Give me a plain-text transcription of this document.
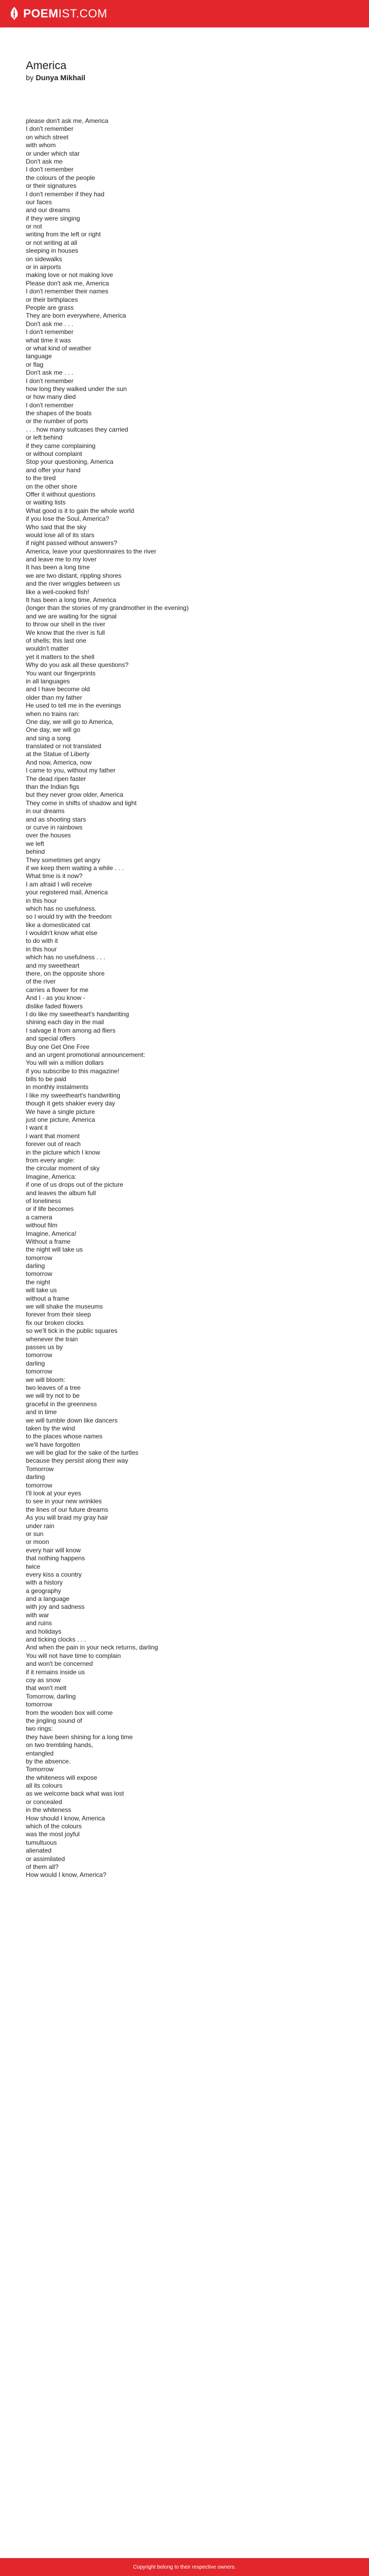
POEMIST.COM
America

by Dunya Mikhail

please don't ask me, America
I don't remember
on which street
with whom
or under which star
Don't ask me
I don't remember
the colours of the people
or their signatures
I don't remember if they had
our faces
and our dreams
if they were singing
or not
writing from the left or right
or not writing at all
sleeping in houses
on sidewalks
or in airports
making love or not making love
Please don't ask me, America
I don't remember their names
or their birthplaces
People are grass
They are born everywhere, America
Don't ask me . . .
I don't remember
what time it was
or what kind of weather
language
or flag
Don't ask me . . .
I don't remember
how long they walked under the sun
or how many died
I don't remember
the shapes of the boats
or the number of ports
. . . how many suitcases they carried
or left behind
if they came complaining
or without complaint
Stop your questioning, America
and offer your hand
to the tired
on the other shore
Offer it without questions
or waiting lists
What good is it to gain the whole world
if you lose the Soul, America?
Who said that the sky
would lose all of its stars
if night passed without answers?
America, leave your questionnaires to the river
and leave me to my lover
It has been a long time
we are two distant, rippling shores
and the river wriggles between us
like a well-cooked fish!
It has been a long time, America
(longer than the stories of my grandmother in the evening)
and we are waiting for the signal
to throw our shell in the river
We know that the river is full
of shells; this last one
wouldn't matter
yet it matters to the shell
Why do you ask all these questions?
You want our fingerprints
in all languages
and I have become old
older than my father
He used to tell me in the evenings
when no trains ran:
One day, we will go to America,
One day, we will go
and sing a song
translated or not translated
at the Statue of Liberty
And now, America, now
I came to you, without my father
The dead ripen faster
than the Indian figs
but they never grow older, America
They come in shifts of shadow and light
in our dreams
and as shooting stars
or curve in rainbows
over the houses
we left
behind
They sometimes get angry
if we keep them waiting a while . . .
What time is it now?
I am afraid I will receive
your registered mail, America
in this hour
which has no usefulness.
so I would try with the freedom
like a domesticated cat
I wouldn't know what else
to do with it
in this hour
which has no usefulness . . .
and my sweetheart
there, on the opposite shore
of the river
carries a flower for me
And I - as you know -
dislike faded flowers
I do like my sweetheart's handwriting
shining each day in the mail
I salvage it from among ad fliers
and special offers
Buy one Get One Free
and an urgent promotional announcement:
You will win a million dollars
if you subscribe to this magazine!
bills to be paid
in monthly instalments
I like my sweetheart's handwriting
though it gets shakier every day
We have a single picture
just one picture, America
I want it
I want that moment
forever out of reach
in the picture which I know
from every angle:
the circular moment of sky
Imagine, America:
if one of us drops out of the picture
and leaves the album full
of loneliness
or if life becomes
a camera
without film
Imagine, America!
Without a frame
the night will take us
tomorrow
darling
tomorrow
the night
will take us
without a frame
we will shake the museums
forever from their sleep
fix our broken clocks
so we'll tick in the public squares
whenever the train
passes us by
tomorrow
darling
tomorrow
we will bloom:
two leaves of a tree
we will try not to be
graceful in the greenness
and in time
we will tumble down like dancers
taken by the wind
to the places whose names
we'll have forgotten
we will be glad for the sake of the turtles
because they persist along their way
Tomorrow
darling
tomorrow
I'll look at your eyes
to see in your new wrinkles
the lines of our future dreams
As you will braid my gray hair
under rain
or sun
or moon
every hair will know
that nothing happens
twice
every kiss a country
with a history
a geography
and a language
with joy and sadness
with war
and ruins
and holidays
and ticking clocks . . .
And when the pain in your neck returns, darling
You will not have time to complain
and won't be concerned
if it remains inside us
coy as snow
that won't melt
Tomorrow, darling
tomorrow
from the wooden box will come
the jingling sound of
two rings:
they have been shining for a long time
on two trembling hands,
entangled
by the absence.
Tomorrow
the whiteness will expose
all its colours
as we welcome back what was lost
or concealed
in the whiteness
How should I know, America
which of the colours
was the most joyful
tumultuous
alienated
or assimilated
of them all?
How would I know, America?
Copyright belong to their respective owners.
